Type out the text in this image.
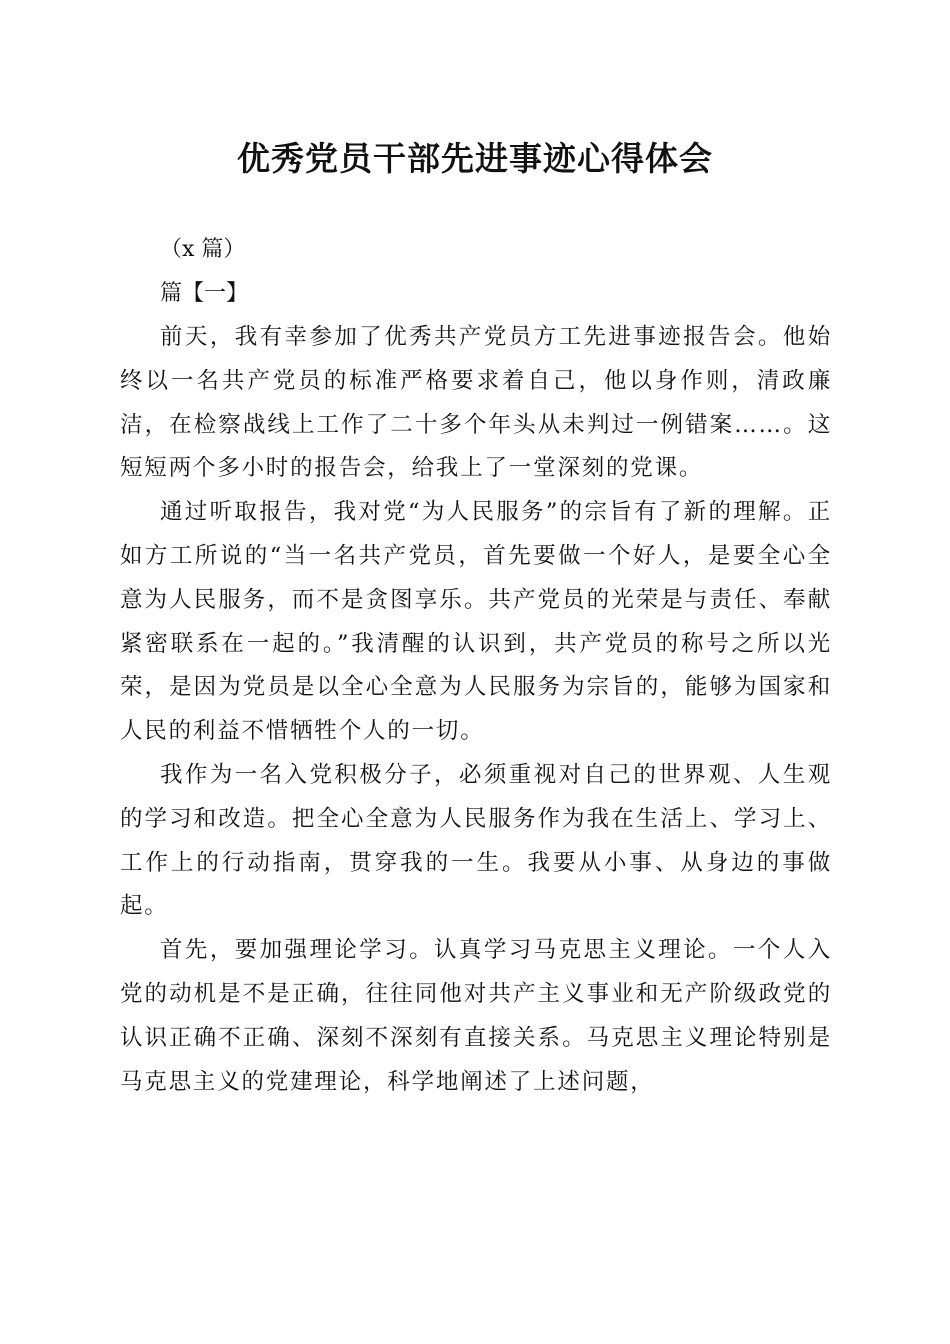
优秀党员干部先进事迹心得体会

（x 篇）

篇【一】

前天，我有幸参加了优秀共产党员方工先进事迹报告会。他始终以一名共产党员的标准严格要求着自己，他以身作则，清政廉洁，在检察战线上工作了二十多个年头从未判过一例错案……。这短短两个多小时的报告会，给我上了一堂深刻的党课。

通过听取报告，我对党“为人民服务”的宗旨有了新的理解。正如方工所说的“当一名共产党员，首先要做一个好人，是要全心全意为人民服务，而不是贪图享乐。共产党员的光荣是与责任、奉献紧密联系在一起的。”我清醒的认识到，共产党员的称号之所以光荣，是因为党员是以全心全意为人民服务为宗旨的，能够为国家和人民的利益不惜牺牲个人的一切。

我作为一名入党积极分子，必须重视对自己的世界观、人生观的学习和改造。把全心全意为人民服务作为我在生活上、学习上、工作上的行动指南，贯穿我的一生。我要从小事、从身边的事做起。

首先，要加强理论学习。认真学习马克思主义理论。一个人入党的动机是不是正确，往往同他对共产主义事业和无产阶级政党的认识正确不正确、深刻不深刻有直接关系。马克思主义理论特别是马克思主义的党建理论，科学地阐述了上述问题，
